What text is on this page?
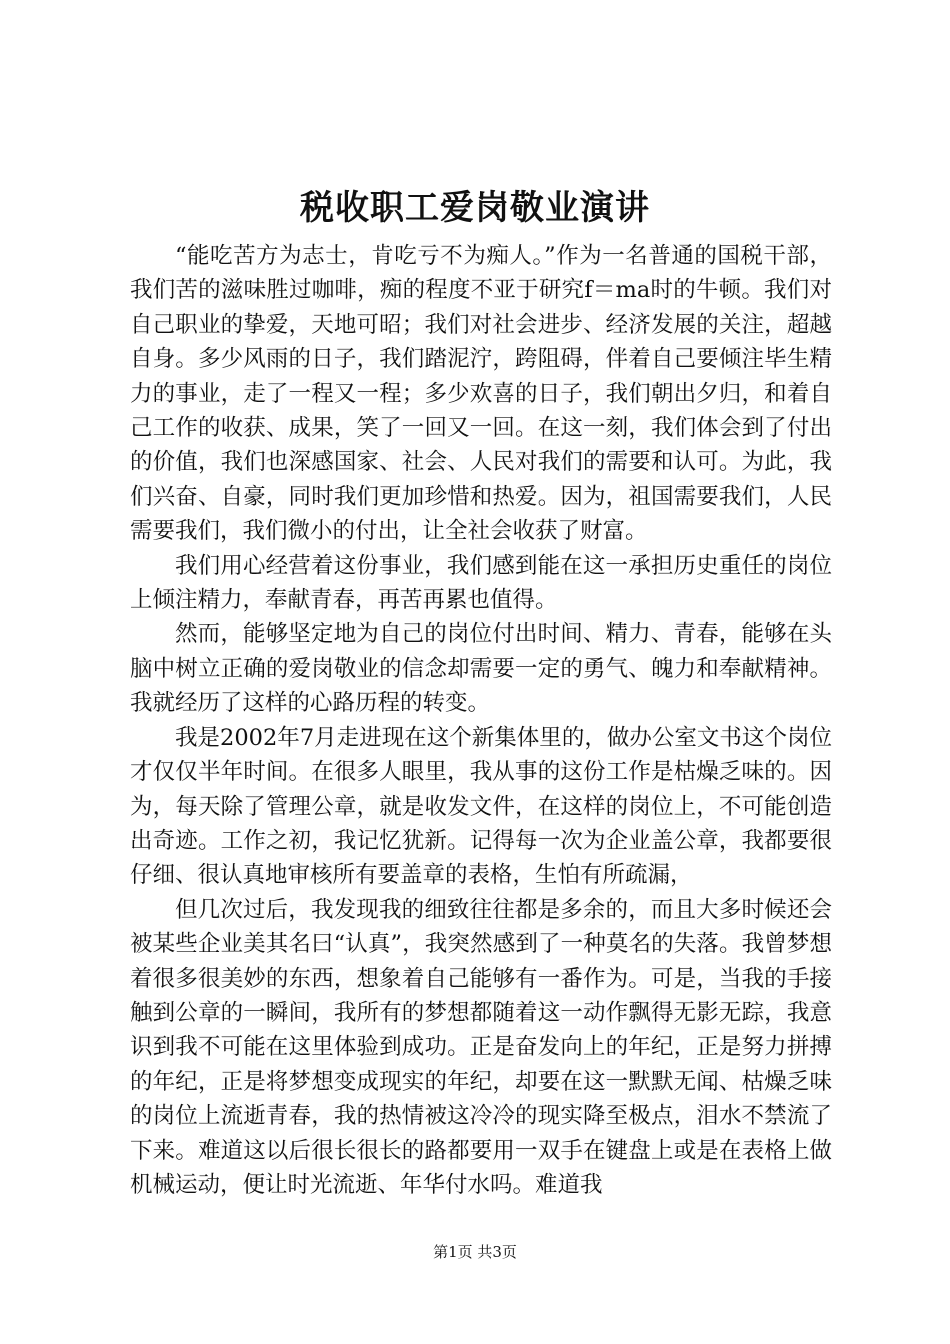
税收职工爱岗敬业演讲

“能吃苦方为志士，肯吃亏不为痴人。”作为一名普通的国税干部，我们苦的滋味胜过咖啡，痴的程度不亚于研究f＝ma时的牛顿。我们对自己职业的挚爱，天地可昭；我们对社会进步、经济发展的关注，超越自身。多少风雨的日子，我们踏泥泞，跨阻碍，伴着自己要倾注毕生精力的事业，走了一程又一程；多少欢喜的日子，我们朝出夕归，和着自己工作的收获、成果，笑了一回又一回。在这一刻，我们体会到了付出的价值，我们也深感国家、社会、人民对我们的需要和认可。为此，我们兴奋、自豪，同时我们更加珍惜和热爱。因为，祖国需要我们，人民需要我们，我们微小的付出，让全社会收获了财富。

我们用心经营着这份事业，我们感到能在这一承担历史重任的岗位上倾注精力，奉献青春，再苦再累也值得。

然而，能够坚定地为自己的岗位付出时间、精力、青春，能够在头脑中树立正确的爱岗敬业的信念却需要一定的勇气、魄力和奉献精神。我就经历了这样的心路历程的转变。

我是2002年7月走进现在这个新集体里的，做办公室文书这个岗位才仅仅半年时间。在很多人眼里，我从事的这份工作是枯燥乏味的。因为，每天除了管理公章，就是收发文件，在这样的岗位上，不可能创造出奇迹。工作之初，我记忆犹新。记得每一次为企业盖公章，我都要很仔细、很认真地审核所有要盖章的表格，生怕有所疏漏，

但几次过后，我发现我的细致往往都是多余的，而且大多时候还会被某些企业美其名曰“认真”，我突然感到了一种莫名的失落。我曾梦想着很多很美妙的东西，想象着自己能够有一番作为。可是，当我的手接触到公章的一瞬间，我所有的梦想都随着这一动作飘得无影无踪，我意识到我不可能在这里体验到成功。正是奋发向上的年纪，正是努力拼搏的年纪，正是将梦想变成现实的年纪，却要在这一默默无闻、枯燥乏味的岗位上流逝青春，我的热情被这冷冷的现实降至极点，泪水不禁流了下来。难道这以后很长很长的路都要用一双手在键盘上或是在表格上做机械运动，便让时光流逝、年华付水吗。难道我

第1页 共3页
